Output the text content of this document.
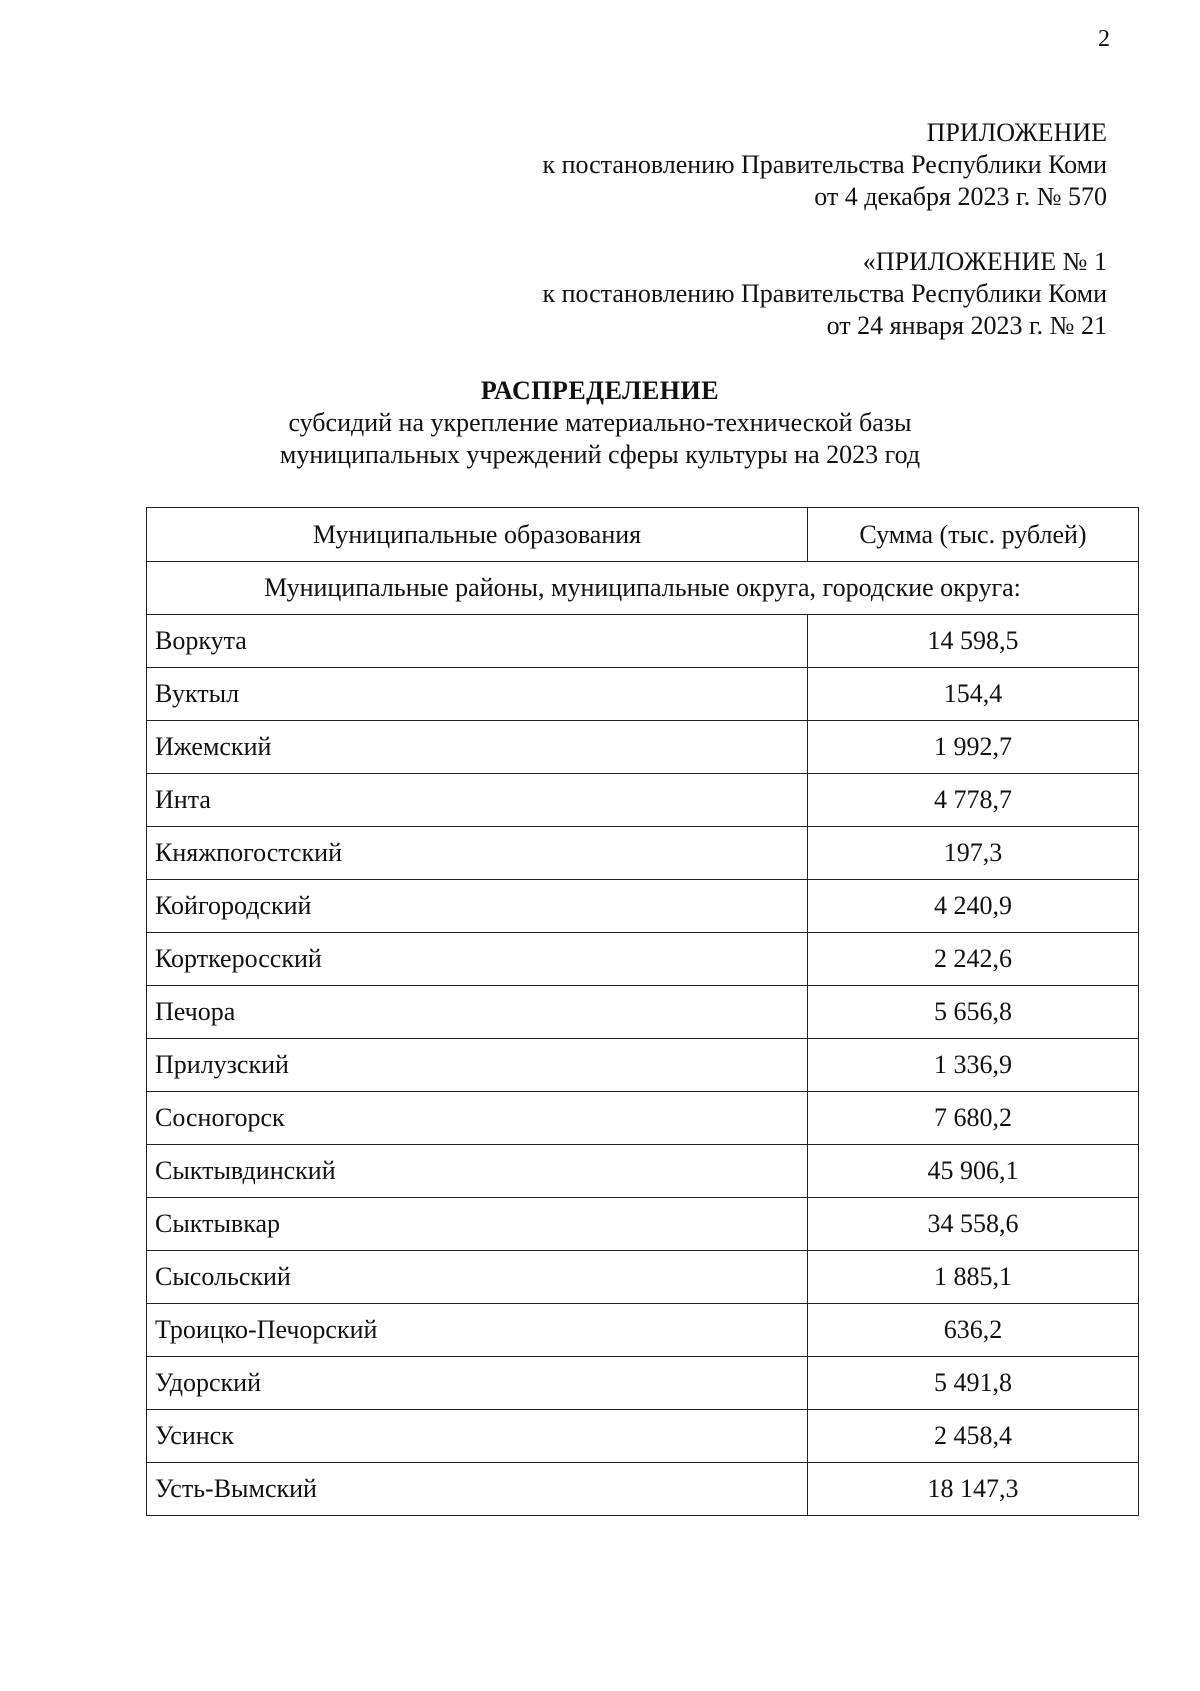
2
ПРИЛОЖЕНИЕ
к постановлению Правительства Республики Коми
от 4 декабря 2023 г. № 570
«ПРИЛОЖЕНИЕ № 1
к постановлению Правительства Республики Коми
от 24 января 2023 г. № 21
РАСПРЕДЕЛЕНИЕ
субсидий на укрепление материально-технической базы
муниципальных учреждений сферы культуры на 2023 год
Муниципальные образования	Сумма (тыс. рублей)
Муниципальные районы, муниципальные округа, городские округа:	
Воркута	14 598,5
Вуктыл	154,4
Ижемский	1 992,7
Инта	4 778,7
Княжпогостский	197,3
Койгородский	4 240,9
Корткеросский	2 242,6
Печора	5 656,8
Прилузский	1 336,9
Сосногорск	7 680,2
Сыктывдинский	45 906,1
Сыктывкар	34 558,6
Сысольский	1 885,1
Троицко-Печорский	636,2
Удорский	5 491,8
Усинск	2 458,4
Усть-Вымский	18 147,3
